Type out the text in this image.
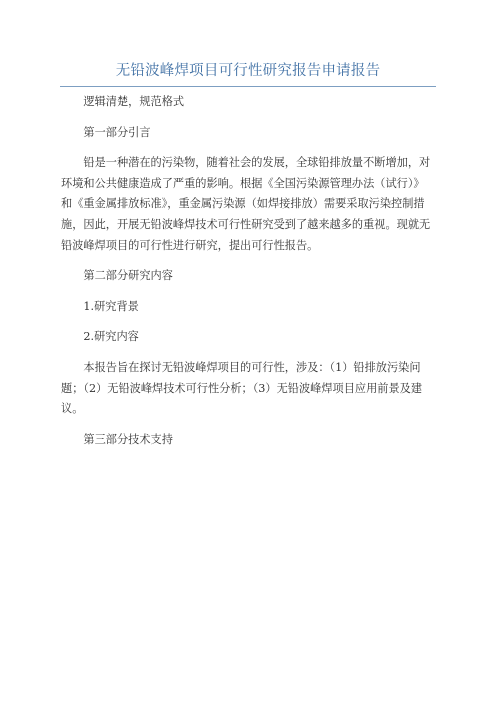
无铅波峰焊项目可行性研究报告申请报告

逻辑清楚，规范格式

第一部分引言

铅是一种潜在的污染物，随着社会的发展，全球铅排放量不断增加，对环境和公共健康造成了严重的影响。根据《全国污染源管理办法（试行）》和《重金属排放标准》，重金属污染源（如焊接排放）需要采取污染控制措施，因此，开展无铅波峰焊技术可行性研究受到了越来越多的重视。现就无铅波峰焊项目的可行性进行研究，提出可行性报告。

第二部分研究内容

1.研究背景

2.研究内容

本报告旨在探讨无铅波峰焊项目的可行性，涉及：（1）铅排放污染问题；（2）无铅波峰焊技术可行性分析；（3）无铅波峰焊项目应用前景及建议。

第三部分技术支持
